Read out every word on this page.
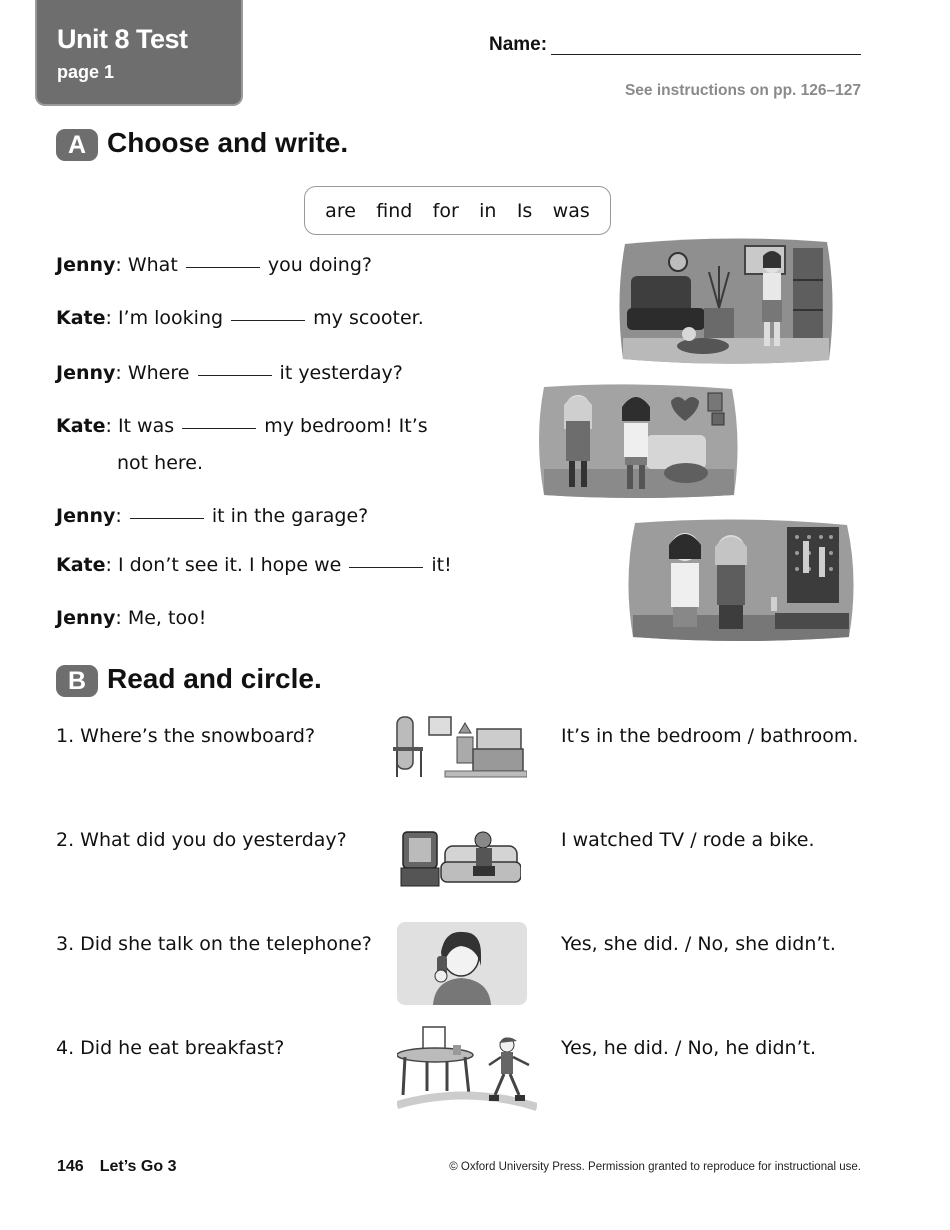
Unit 8 Test
page 1
Name:
See instructions on pp. 126–127
A Choose and write.
are find for in Is was
Jenny: What	you doing?
Kate: I’m looking	my scooter.
Jenny: Where	it yesterday?
Kate: It was	my bedroom! It’s
not here.
Jenny:	it in the garage?
Kate: I don’t see it. I hope we	it!
Jenny: Me, too!
B Read and circle.
1. Where’s the snowboard?	It’s in the bedroom / bathroom.
2. What did you do yesterday?	I watched TV / rode a bike.
3. Did she talk on the telephone?	Yes, she did. / No, she didn’t.
4. Did he eat breakfast?	Yes, he did. / No, he didn’t.
146 Let’s Go 3	© Oxford University Press. Permission granted to reproduce for instructional use.
